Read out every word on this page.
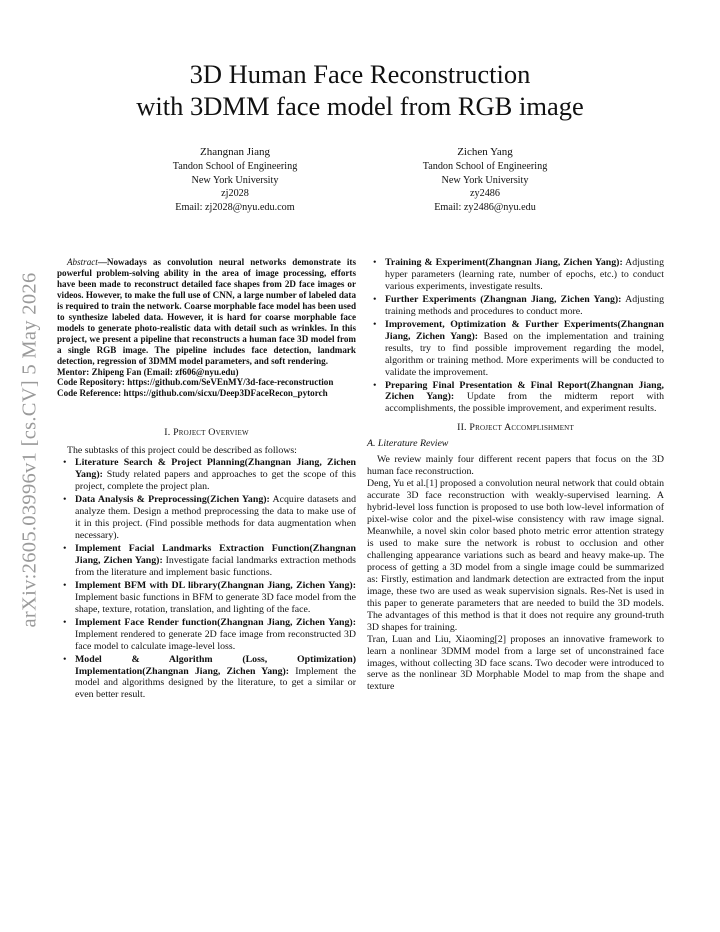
arXiv:2605.03996v1 [cs.CV] 5 May 2026
3D Human Face Reconstruction
with 3DMM face model from RGB image
Zhangnan Jiang
Tandon School of Engineering
New York University
zj2028
Email: zj2028@nyu.edu.com
Zichen Yang
Tandon School of Engineering
New York University
zy2486
Email: zy2486@nyu.edu

Abstract—Nowadays as convolution neural networks demonstrate its powerful problem-solving ability in the area of image processing, efforts have been made to reconstruct detailed face shapes from 2D face images or videos. However, to make the full use of CNN, a large number of labeled data is required to train the network. Coarse morphable face model has been used to synthesize labeled data. However, it is hard for coarse morphable face models to generate photo-realistic data with detail such as wrinkles. In this project, we present a pipeline that reconstructs a human face 3D model from a single RGB image. The pipeline includes face detection, landmark detection, regression of 3DMM model parameters, and soft rendering.

Mentor: Zhipeng Fan (Email: zf606@nyu.edu)

Code Repository: https://github.com/SeVEnMY/3d-face-reconstruction

Code Reference: https://github.com/sicxu/Deep3DFaceRecon_pytorch

I. Project Overview

The subtasks of this project could be described as follows:

• Literature Search & Project Planning(Zhangnan Jiang, Zichen Yang): Study related papers and approaches to get the scope of this project, complete the project plan.
• Data Analysis & Preprocessing(Zichen Yang): Acquire datasets and analyze them. Design a method preprocessing the data to make use of it in this project. (Find possible methods for data augmentation when necessary).
• Implement Facial Landmarks Extraction Function(Zhangnan Jiang, Zichen Yang): Investigate facial landmarks extraction methods from the literature and implement basic functions.
• Implement BFM with DL library(Zhangnan Jiang, Zichen Yang): Implement basic functions in BFM to generate 3D face model from the shape, texture, rotation, translation, and lighting of the face.
• Implement Face Render function(Zhangnan Jiang, Zichen Yang): Implement rendered to generate 2D face image from reconstructed 3D face model to calculate image-level loss.
• Model & Algorithm (Loss, Optimization) Implementation(Zhangnan Jiang, Zichen Yang): Implement the model and algorithms designed by the literature, to get a similar or even better result.
• Training & Experiment(Zhangnan Jiang, Zichen Yang): Adjusting hyper parameters (learning rate, number of epochs, etc.) to conduct various experiments, investigate results.
• Further Experiments (Zhangnan Jiang, Zichen Yang): Adjusting training methods and procedures to conduct more.
• Improvement, Optimization & Further Experiments(Zhangnan Jiang, Zichen Yang): Based on the implementation and training results, try to find possible improvement regarding the model, algorithm or training method. More experiments will be conducted to validate the improvement.
• Preparing Final Presentation & Final Report(Zhangnan Jiang, Zichen Yang): Update from the midterm report with accomplishments, the possible improvement, and experiment results.

II. Project Accomplishment

A. Literature Review

We review mainly four different recent papers that focus on the 3D human face reconstruction.

Deng, Yu et al.[1] proposed a convolution neural network that could obtain accurate 3D face reconstruction with weakly-supervised learning. A hybrid-level loss function is proposed to use both low-level information of pixel-wise color and the pixel-wise consistency with raw image signal. Meanwhile, a novel skin color based photo metric error attention strategy is used to make sure the network is robust to occlusion and other challenging appearance variations such as beard and heavy make-up. The process of getting a 3D model from a single image could be summarized as: Firstly, estimation and landmark detection are extracted from the input image, these two are used as weak supervision signals. Res-Net is used in this paper to generate parameters that are needed to build the 3D models. The advantages of this method is that it does not require any ground-truth 3D shapes for training.

Tran, Luan and Liu, Xiaoming[2] proposes an innovative framework to learn a nonlinear 3DMM model from a large set of unconstrained face images, without collecting 3D face scans. Two decoder were introduced to serve as the nonlinear 3D Morphable Model to map from the shape and texture
